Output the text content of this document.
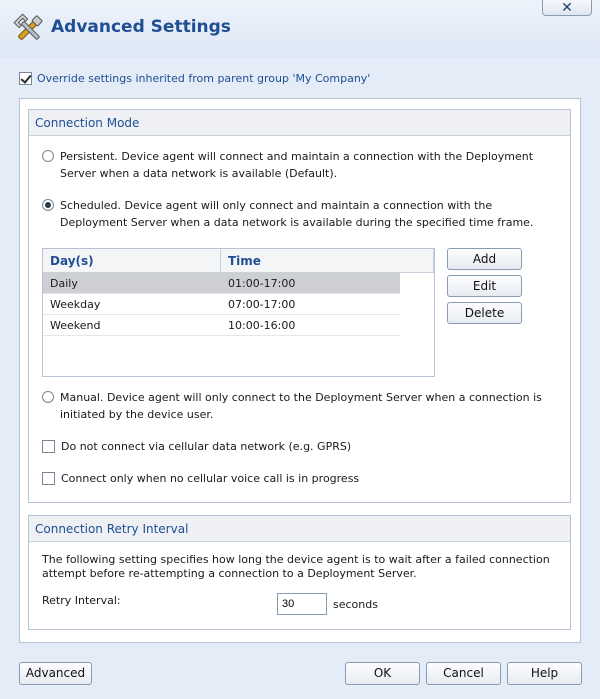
Advanced Settings
✕
Override settings inherited from parent group 'My Company'
Connection Mode
Persistent. Device agent will connect and maintain a connection with the Deployment Server when a data network is available (Default).
Scheduled. Device agent will only connect and maintain a connection with the Deployment Server when a data network is available during the specified time frame.
Day(s)	Time
Daily	01:00-17:00
Weekday	07:00-17:00
Weekend	10:00-16:00
Add
Edit
Delete
Manual. Device agent will only connect to the Deployment Server when a connection is initiated by the device user.
Do not connect via cellular data network (e.g. GPRS)
Connect only when no cellular voice call is in progress
Connection Retry Interval
The following setting specifies how long the device agent is to wait after a failed connection attempt before re-attempting a connection to a Deployment Server.
Retry Interval:
30	seconds
Advanced	OK	Cancel	Help
